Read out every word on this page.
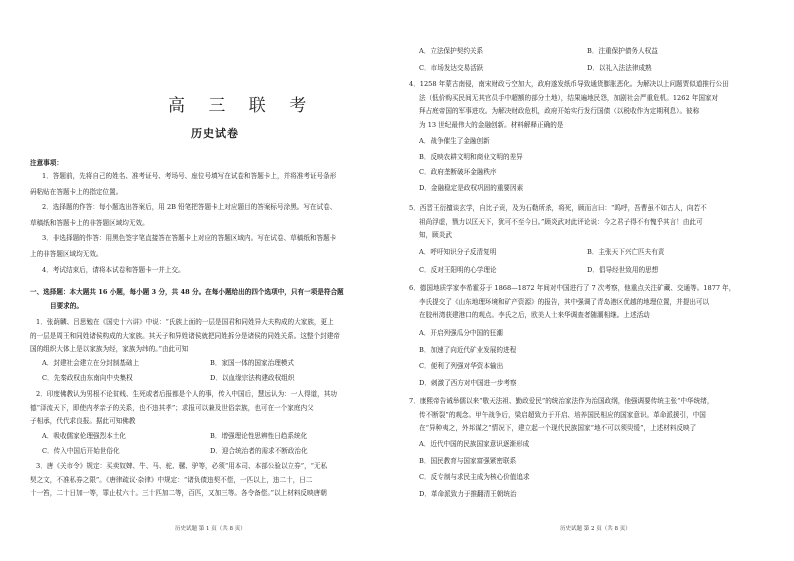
高 三 联 考
历史试卷
注意事项：
1．答题前，先将自己的姓名、准考证号、考场号、座位号填写在试卷和答题卡上，并将准考证号条形
码粘贴在答题卡上的指定位置。
2．选择题的作答：每小题选出答案后，用 2B 铅笔把答题卡上对应题目的答案标号涂黑。写在试卷、
草稿纸和答题卡上的非答题区域均无效。
3．非选择题的作答：用黑色签字笔直接答在答题卡上对应的答题区域内。写在试卷、草稿纸和答题卡
上的非答题区域均无效。
4．考试结束后，请将本试卷和答题卡一并上交。
一、选择题：本大题共 16 小题，每小题 3 分，共 48 分。在每小题给出的四个选项中，只有一项是符合题
目要求的。
1．张荫麟、吕思勉在《国史十六讲》中说：“氏族上面的一层是国君和同姓异大夫构成的大家族，更上
的一层是周王和同姓诸侯构成的大家族。其天子和异姓诸侯就把同姓拆分是诸侯的同姓关系。这整个封建帝
国的组织大体上是以家族为经，家族为纬的。”由此可知
A．封建社会建立在分封制基础上	B．家国一体的国家治理模式
C．先秦政权由东南向中央集权	D．以血缘宗法构建政权组织
2．印度佛教认为男根不论贫贱、生死或者后报都是个人的事，传入中国后，慧远认为：一人得道，其功
德“泽流天下，即使内孝亲子的关系，也不违其孝”；求报可以兼及世俗亲族，也可在一个家庭内父
子相承，代代求良报。据此可知佛教
A．吸收儒家伦理强烈本土化	B．增强理论性思辨性日趋系统化
C．传入中国后开始世俗化	D．迎合统治者的需求不断政治化
3．唐《关市令》规定：买卖奴婢、牛、马、驼、骡、驴等，必须“用本司、本部公验以立券”，“无私
契之文，不准私券之限”。《唐律疏议·杂律》中规定：“诸负债违契不偿，一匹以上，违二十，日二
十一笞，二十日加一等，罪止杖六十。三十匹加二等，百匹，又加三等。各令备偿。”以上材料反映唐朝
历史试题 第 1 页（共 8 页）
A．立法保护契约关系	B．注重保护债务人权益
C．市场发达交易活跃	D．以礼入法法律成熟
4．1258 年蒙古南侵，南宋财政亏空加大，政府遂发纸币导致通货膨胀恶化。为解决以上问题贾似道推行公田
法（低价购买民间无其官员手中超额的部分土地），结果遍地民怨，加剧社会严重危机。1262 年国家对
拜占庭帝国的军事进攻。为解决财政危机，政府开始实行发行国债（以税收作为定期利息）。彼称
为 13 世纪最伟大的金融创新。材料解释正确的是
A．战争催生了金融创新
B．反映农耕文明和商业文明的差异
C．政府垄断破坏金融秩序
D．金融稳定是政权巩固的重要因素
5．西晋王衍擅谈玄学，自比子贡，及为石勒所杀，将死，顾而言曰：“呜呼，吾曹虽不如古人，向若不
祖尚浮虚，戮力以匡天下，犹可不至今日。”顾炎武对此评论说：今之君子得不有愧乎其言！由此可
知，顾炎武
A．呼吁知识分子反清复明	B．主张天下兴亡匹夫有责
C．反对王阳明的心学理论	D．倡导经世致用的思想
6．德国地质学家李希霍芬于 1868—1872 年间对中国进行了 7 次考察，他重点关注矿藏、交通等。1877 年，
李氏提交了《山东地理环境和矿产资源》的报告，其中强调了青岛港区优越的地理位置，并提出可以
在胶州湾获建港口的观点。李氏之后，欧美人士来华调查者随潮相继。上述活动
A．开启列强瓜分中国的狂潮
B．加速了向近代矿业发展的进程
C．便利了列强对华资本输出
D．刺激了西方对中国进一步考察
7．康熙帝告诫举儒以来“敬天法祖、勤政爱民”的统治家法作为治国政纲，他强调要传统主张“中华统绪，
传不断裂”的观念。甲午战争后，梁启超致力于开启、培养国民相应的国家意识。革命派援引，中国
在“异种夷之，外邦谋之”情况下，建立起一个现代民族国家“地不可以须臾缓”，上述材料反映了
A．近代中国的民族国家意识逐渐形成
B．国民教育与国家富强紧密联系
C．反专制与求民主成为核心价值追求
D．革命派致力于推翻清王朝统治
历史试题 第 2 页（共 8 页）
